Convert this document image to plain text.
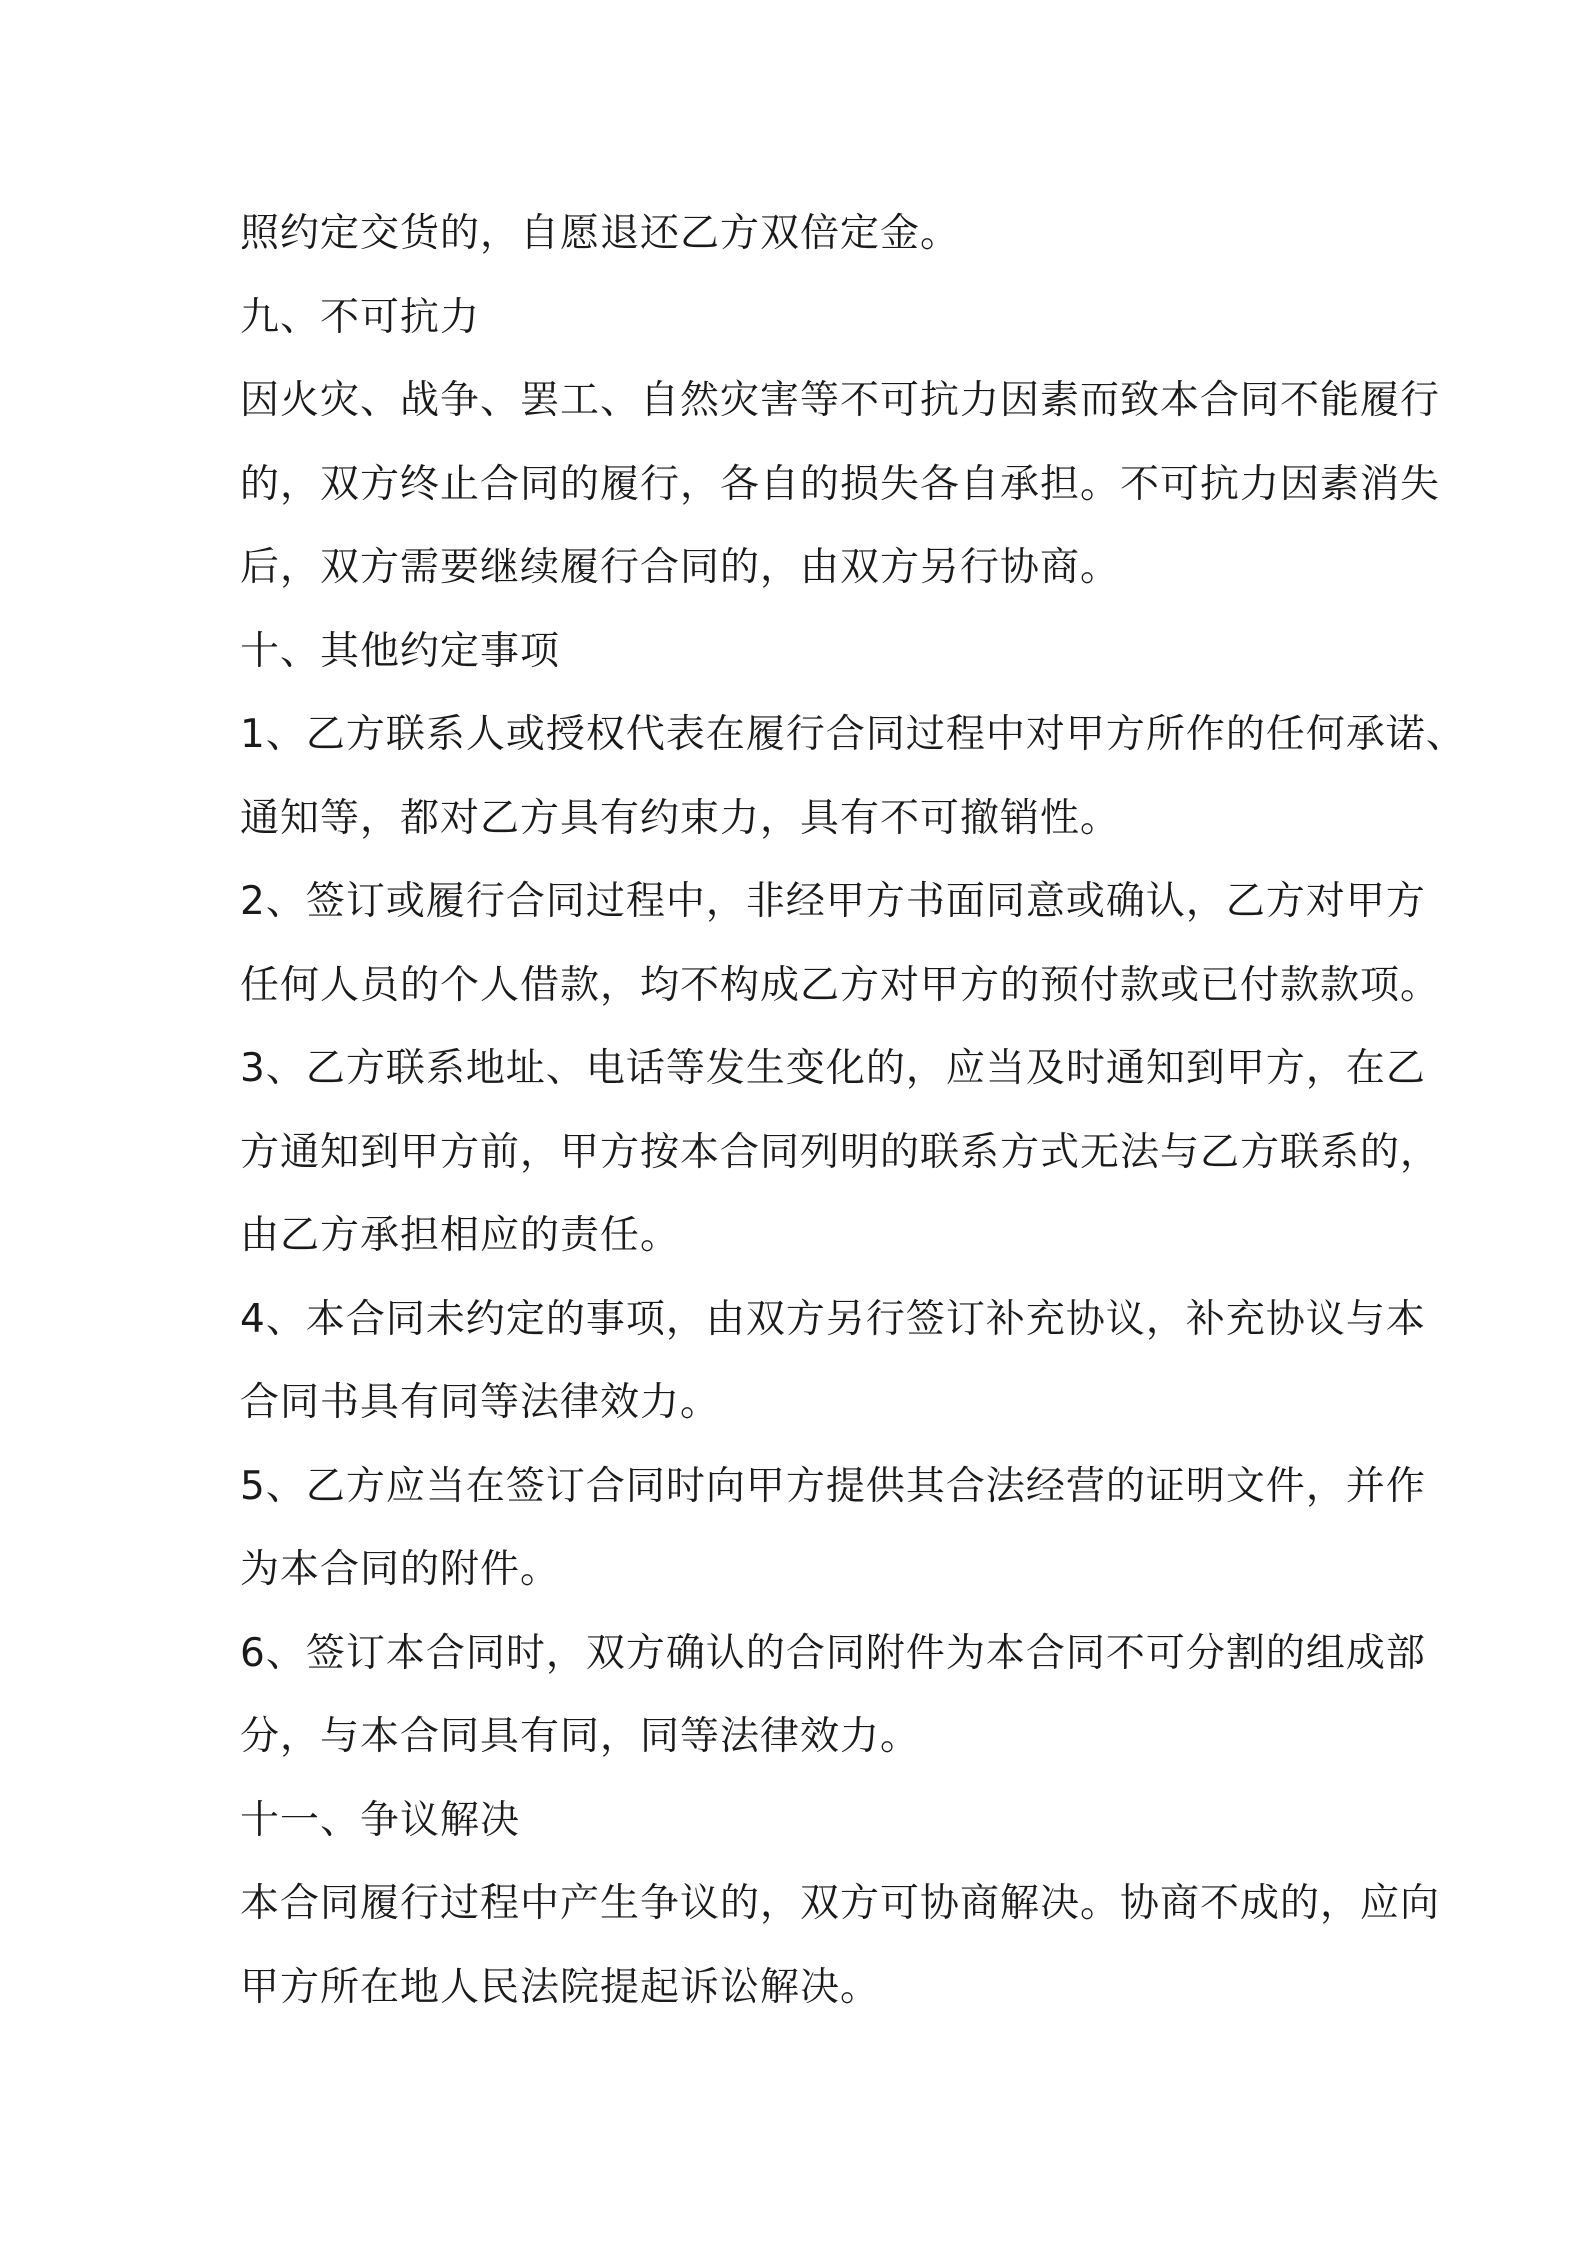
照约定交货的，自愿退还乙方双倍定金。
九、不可抗力
因火灾、战争、罢工、自然灾害等不可抗力因素而致本合同不能履行
的，双方终止合同的履行，各自的损失各自承担。不可抗力因素消失
后，双方需要继续履行合同的，由双方另行协商。
十、其他约定事项
1、乙方联系人或授权代表在履行合同过程中对甲方所作的任何承诺、
通知等，都对乙方具有约束力，具有不可撤销性。
2、签订或履行合同过程中，非经甲方书面同意或确认，乙方对甲方
任何人员的个人借款，均不构成乙方对甲方的预付款或已付款款项。
3、乙方联系地址、电话等发生变化的，应当及时通知到甲方，在乙
方通知到甲方前，甲方按本合同列明的联系方式无法与乙方联系的，
由乙方承担相应的责任。
4、本合同未约定的事项，由双方另行签订补充协议，补充协议与本
合同书具有同等法律效力。
5、乙方应当在签订合同时向甲方提供其合法经营的证明文件，并作
为本合同的附件。
6、签订本合同时，双方确认的合同附件为本合同不可分割的组成部
分，与本合同具有同，同等法律效力。
十一、争议解决
本合同履行过程中产生争议的，双方可协商解决。协商不成的，应向
甲方所在地人民法院提起诉讼解决。
